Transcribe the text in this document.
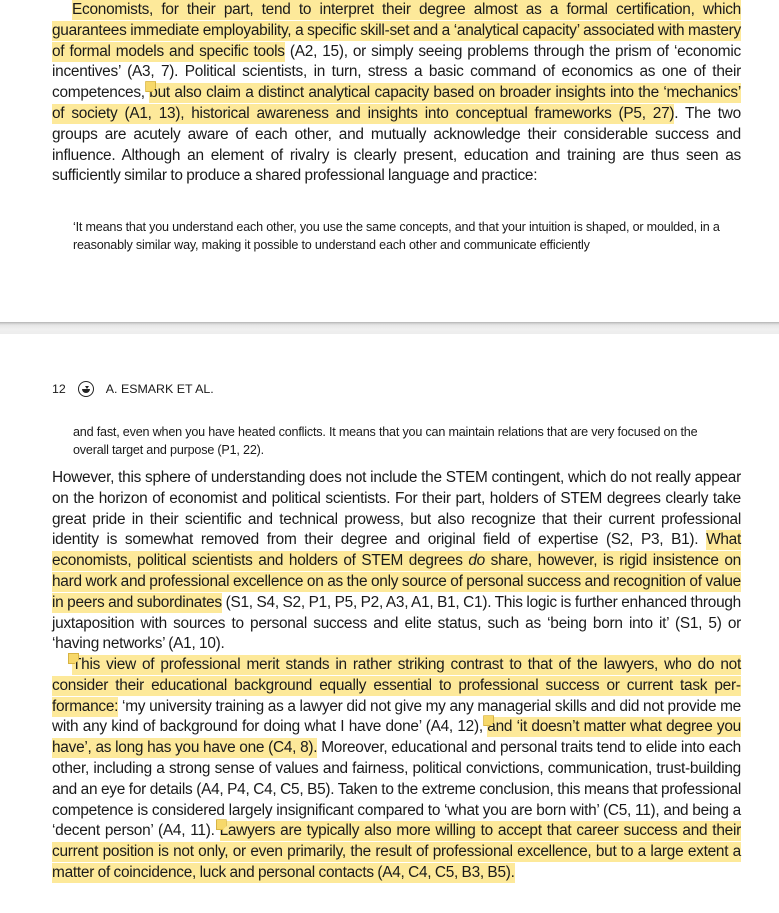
Economists, for their part, tend to interpret their degree almost as a formal certification, which guarantees immediate employability, a specific skill-set and a ‘analytical capacity’ associated with mastery of formal models and specific tools (A2, 15), or simply seeing problems through the prism of ‘economic incentives’ (A3, 7). Political scientists, in turn, stress a basic command of economics as one of their competences, but also claim a distinct analytical capacity based on broader insights into the ‘mechanics’ of society (A1, 13), historical awareness and insights into conceptual frameworks (P5, 27). The two groups are acutely aware of each other, and mutually acknowledge their considerable success and influence. Although an element of rivalry is clearly present, education and training are thus seen as sufficiently similar to produce a shared professional language and practice:
‘It means that you understand each other, you use the same concepts, and that your intuition is shaped, or moulded, in a reasonably similar way, making it possible to understand each other and communicate efficiently
12	A. ESMARK ET AL.
and fast, even when you have heated conflicts. It means that you can maintain relations that are very focused on the overall target and purpose (P1, 22).
However, this sphere of understanding does not include the STEM contingent, which do not really appear on the horizon of economist and political scientists. For their part, holders of STEM degrees clearly take great pride in their scientific and technical prowess, but also recognize that their current professional identity is somewhat removed from their degree and original field of expertise (S2, P3, B1). What economists, political scientists and holders of STEM degrees do share, however, is rigid insistence on hard work and professional excellence on as the only source of personal success and recognition of value in peers and subordinates (S1, S4, S2, P1, P5, P2, A3, A1, B1, C1). This logic is further enhanced through juxtaposition with sources to personal success and elite status, such as ‘being born into it’ (S1, 5) or ‘having networks’ (A1, 10).
This view of professional merit stands in rather striking contrast to that of the lawyers, who do not consider their educational background equally essential to professional success or current task performance: ‘my university training as a lawyer did not give my any managerial skills and did not provide me with any kind of background for doing what I have done’ (A4, 12), and ‘it doesn’t matter what degree you have’, as long has you have one (C4, 8). Moreover, educational and personal traits tend to elide into each other, including a strong sense of values and fairness, political convictions, communication, trust-building and an eye for details (A4, P4, C4, C5, B5). Taken to the extreme conclusion, this means that professional competence is considered largely insignificant compared to ‘what you are born with’ (C5, 11), and being a ‘decent person’ (A4, 11). Lawyers are typically also more willing to accept that career success and their current position is not only, or even primarily, the result of professional excellence, but to a large extent a matter of coincidence, luck and personal contacts (A4, C4, C5, B3, B5).
